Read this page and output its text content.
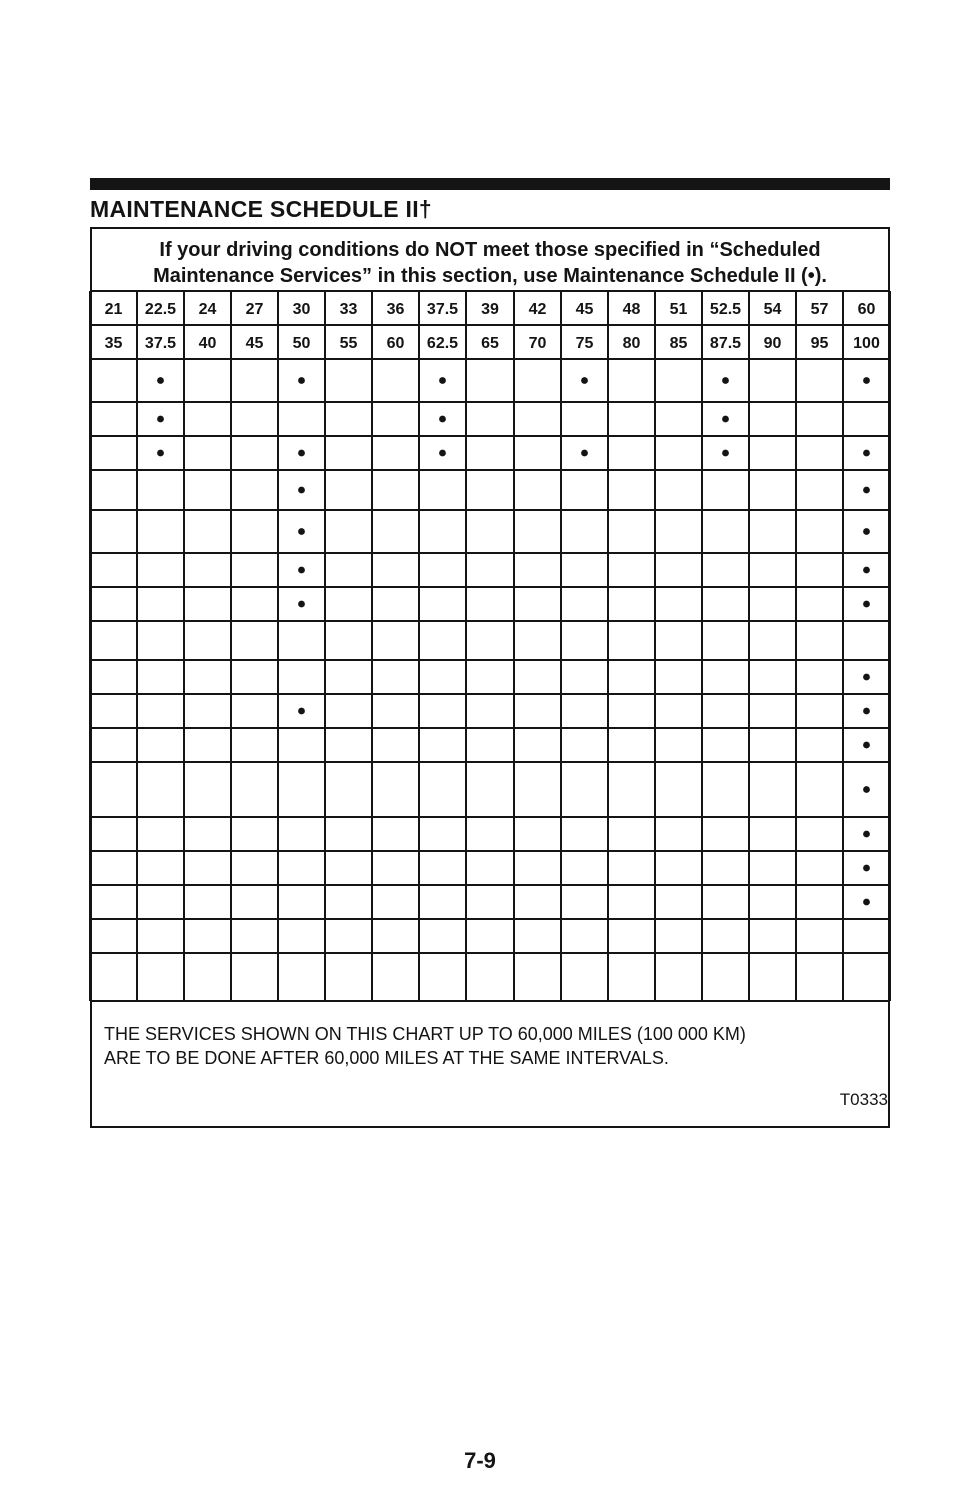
MAINTENANCE SCHEDULE II†

If your driving conditions do NOT meet those specified in “Scheduled
Maintenance Services” in this section, use Maintenance Schedule II (•).

21 22.5 24 27 30 33 36 37.5 39 42 45 48 51 52.5 54 57 60
35 37.5 40 45 50 55 60 62.5 65 70 75 80 85 87.5 90 95 100

THE SERVICES SHOWN ON THIS CHART UP TO 60,000 MILES (100 000 KM)
ARE TO BE DONE AFTER 60,000 MILES AT THE SAME INTERVALS.

T0333
7-9
